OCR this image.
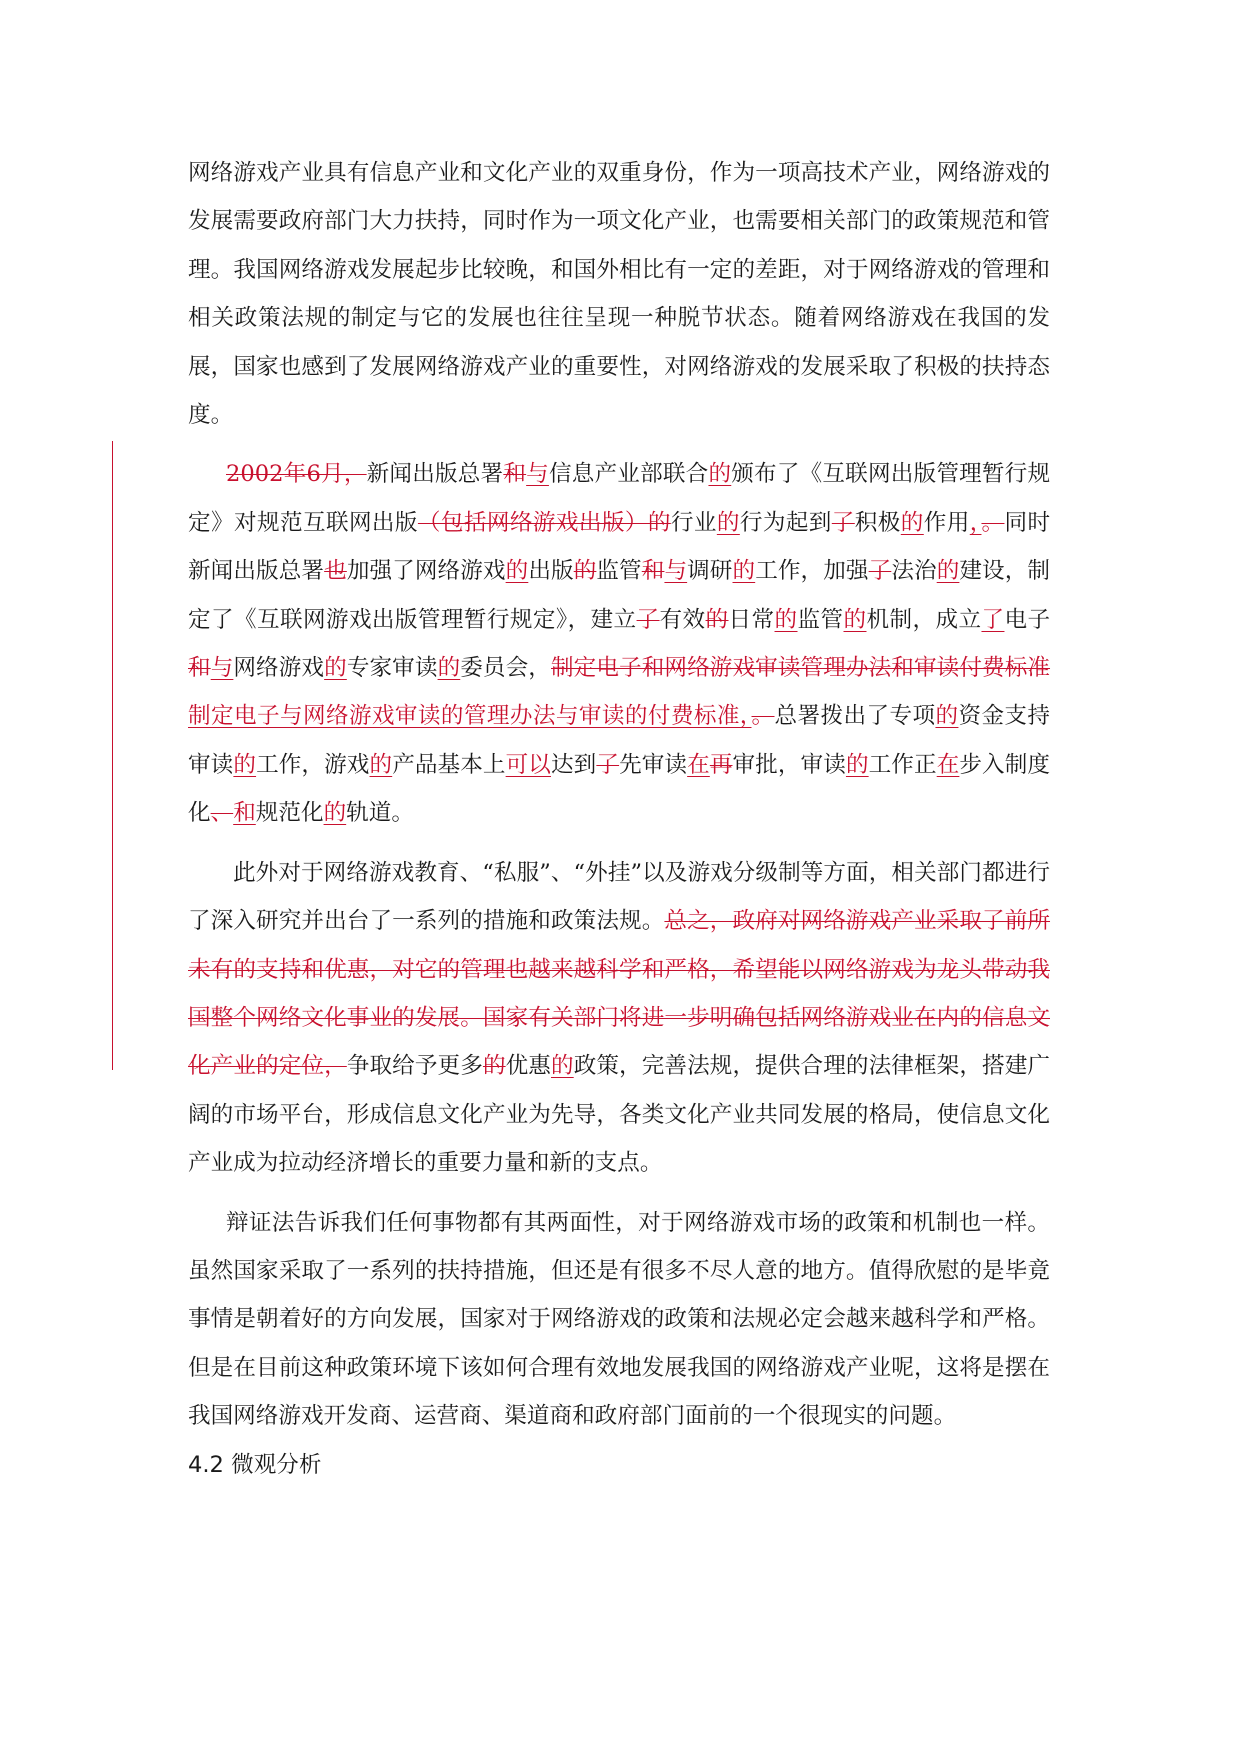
网络游戏产业具有信息产业和文化产业的双重身份，作为一项高技术产业，网络游戏的发展需要政府部门大力扶持，同时作为一项文化产业，也需要相关部门的政策规范和管理。我国网络游戏发展起步比较晚，和国外相比有一定的差距，对于网络游戏的管理和相关政策法规的制定与它的发展也往往呈现一种脱节状态。随着网络游戏在我国的发展，国家也感到了发展网络游戏产业的重要性，对网络游戏的发展采取了积极的扶持态度。

2002年6月，新闻出版总署和与信息产业部联合的颁布了《互联网出版管理暂行规定》对规范互联网出版（包括网络游戏出版）的行业的行为起到了积极的作用，。同时新闻出版总署也加强了网络游戏的出版的监管和与调研的工作，加强了法治的建设，制定了《互联网游戏出版管理暂行规定》，建立了有效的日常的监管的机制，成立了电子和与网络游戏的专家审读的委员会，制定电子和网络游戏审读管理办法和审读付费标准制定电子与网络游戏审读的管理办法与审读的付费标准，。总署拨出了专项的资金支持审读的工作，游戏的产品基本上可以达到了先审读在再审批，审读的工作正在步入制度化、和规范化的轨道。

此外对于网络游戏教育、“私服”、“外挂”以及游戏分级制等方面，相关部门都进行了深入研究并出台了一系列的措施和政策法规。总之，政府对网络游戏产业采取了前所未有的支持和优惠，对它的管理也越来越科学和严格，希望能以网络游戏为龙头带动我国整个网络文化事业的发展。国家有关部门将进一步明确包括网络游戏业在内的信息文化产业的定位，争取给予更多的优惠的政策，完善法规，提供合理的法律框架，搭建广阔的市场平台，形成信息文化产业为先导，各类文化产业共同发展的格局，使信息文化产业成为拉动经济增长的重要力量和新的支点。

辩证法告诉我们任何事物都有其两面性，对于网络游戏市场的政策和机制也一样。虽然国家采取了一系列的扶持措施，但还是有很多不尽人意的地方。值得欣慰的是毕竟事情是朝着好的方向发展，国家对于网络游戏的政策和法规必定会越来越科学和严格。但是在目前这种政策环境下该如何合理有效地发展我国的网络游戏产业呢，这将是摆在我国网络游戏开发商、运营商、渠道商和政府部门面前的一个很现实的问题。

4.2 微观分析
